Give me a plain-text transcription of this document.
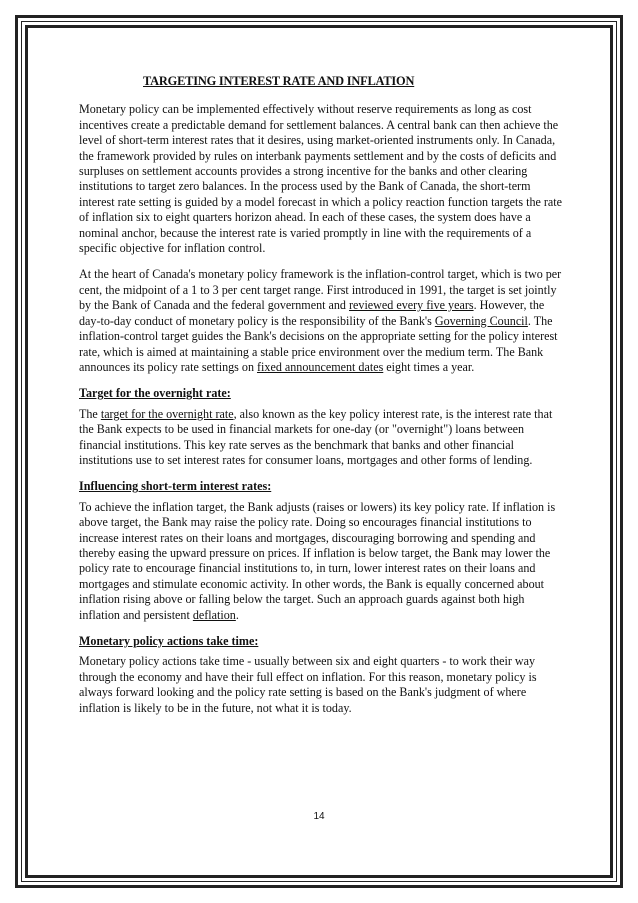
TARGETING INTEREST RATE AND INFLATION

Monetary policy can be implemented effectively without reserve requirements as long as cost incentives create a predictable demand for settlement balances. A central bank can then achieve the level of short-term interest rates that it desires, using market-oriented instruments only. In Canada, the framework provided by rules on interbank payments settlement and by the costs of deficits and surpluses on settlement accounts provides a strong incentive for the banks and other clearing institutions to target zero balances. In the process used by the Bank of Canada, the short-term interest rate setting is guided by a model forecast in which a policy reaction function targets the rate of inflation six to eight quarters horizon ahead. In each of these cases, the system does have a nominal anchor, because the interest rate is varied promptly in line with the requirements of a specific objective for inflation control.

At the heart of Canada's monetary policy framework is the inflation-control target, which is two per cent, the midpoint of a 1 to 3 per cent target range. First introduced in 1991, the target is set jointly by the Bank of Canada and the federal government and reviewed every five years. However, the day-to-day conduct of monetary policy is the responsibility of the Bank's Governing Council. The inflation-control target guides the Bank's decisions on the appropriate setting for the policy interest rate, which is aimed at maintaining a stable price environment over the medium term. The Bank announces its policy rate settings on fixed announcement dates eight times a year.

Target for the overnight rate:

The target for the overnight rate, also known as the key policy interest rate, is the interest rate that the Bank expects to be used in financial markets for one-day (or "overnight") loans between financial institutions. This key rate serves as the benchmark that banks and other financial institutions use to set interest rates for consumer loans, mortgages and other forms of lending.

Influencing short-term interest rates:

To achieve the inflation target, the Bank adjusts (raises or lowers) its key policy rate. If inflation is above target, the Bank may raise the policy rate. Doing so encourages financial institutions to increase interest rates on their loans and mortgages, discouraging borrowing and spending and thereby easing the upward pressure on prices. If inflation is below target, the Bank may lower the policy rate to encourage financial institutions to, in turn, lower interest rates on their loans and mortgages and stimulate economic activity. In other words, the Bank is equally concerned about inflation rising above or falling below the target. Such an approach guards against both high inflation and persistent deflation.

Monetary policy actions take time:

Monetary policy actions take time - usually between six and eight quarters - to work their way through the economy and have their full effect on inflation. For this reason, monetary policy is always forward looking and the policy rate setting is based on the Bank's judgment of where inflation is likely to be in the future, not what it is today.

14
